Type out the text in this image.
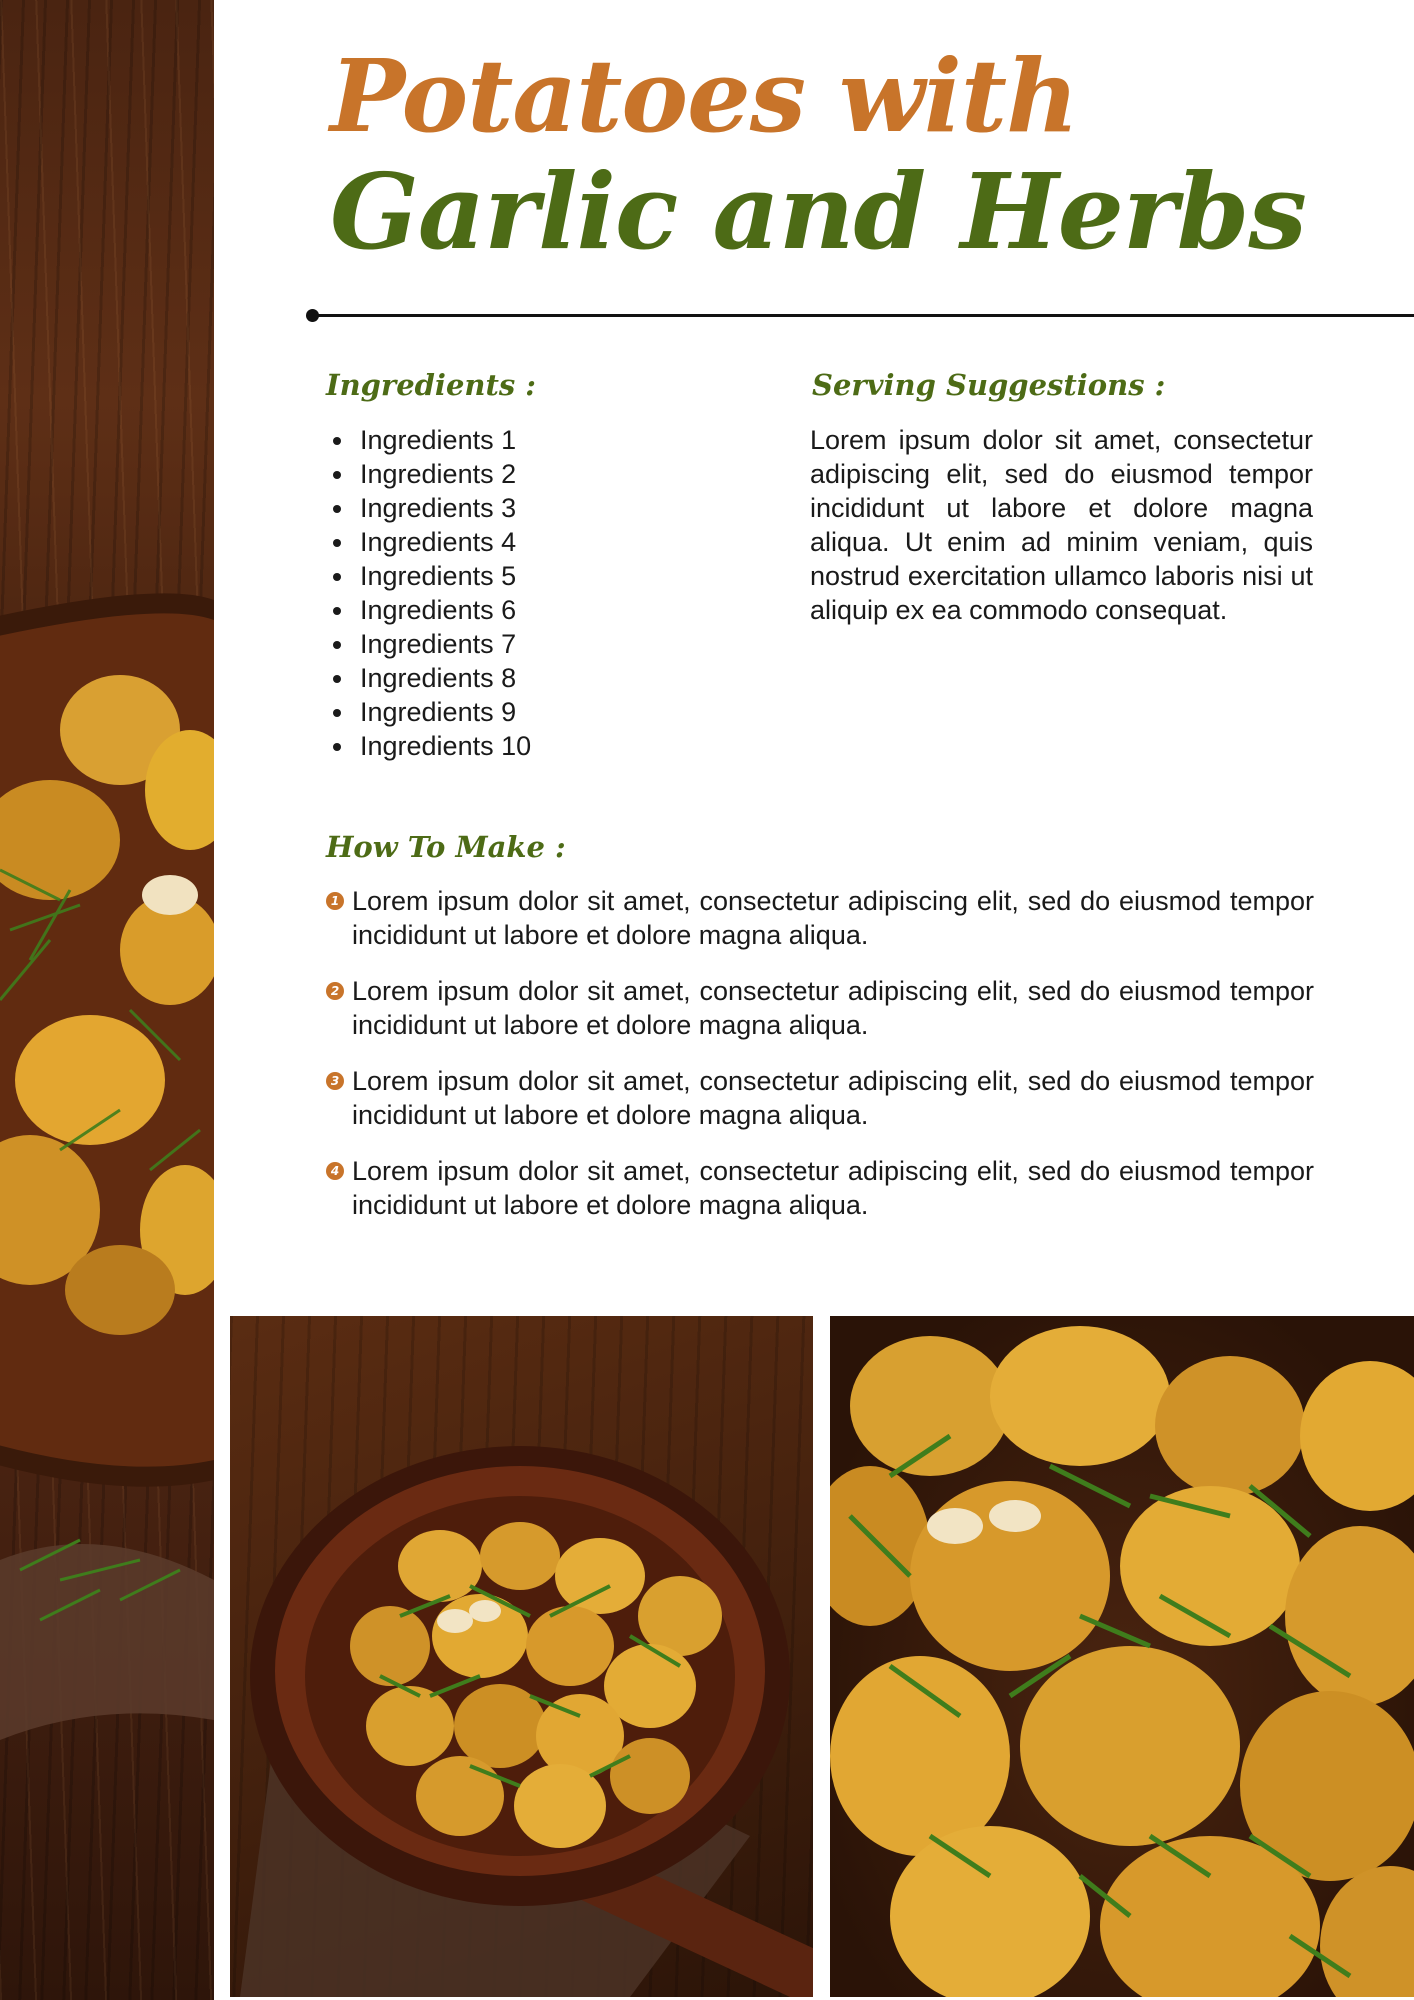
Potatoes with
Garlic and Herbs
Ingredients :
• Ingredients 1
• Ingredients 2
• Ingredients 3
• Ingredients 4
• Ingredients 5
• Ingredients 6
• Ingredients 7
• Ingredients 8
• Ingredients 9
• Ingredients 10
Serving Suggestions :

Lorem ipsum dolor sit amet, consectetur adipiscing elit, sed do eiusmod tempor incididunt ut labore et dolore magna aliqua. Ut enim ad minim veniam, quis nostrud exercitation ullamco laboris nisi ut aliquip ex ea commodo consequat.

How To Make :
1 Lorem ipsum dolor sit amet, consectetur adipiscing elit, sed do eiusmod tempor incididunt ut labore et dolore magna aliqua.
2 Lorem ipsum dolor sit amet, consectetur adipiscing elit, sed do eiusmod tempor incididunt ut labore et dolore magna aliqua.
3 Lorem ipsum dolor sit amet, consectetur adipiscing elit, sed do eiusmod tempor incididunt ut labore et dolore magna aliqua.
4 Lorem ipsum dolor sit amet, consectetur adipiscing elit, sed do eiusmod tempor incididunt ut labore et dolore magna aliqua.
